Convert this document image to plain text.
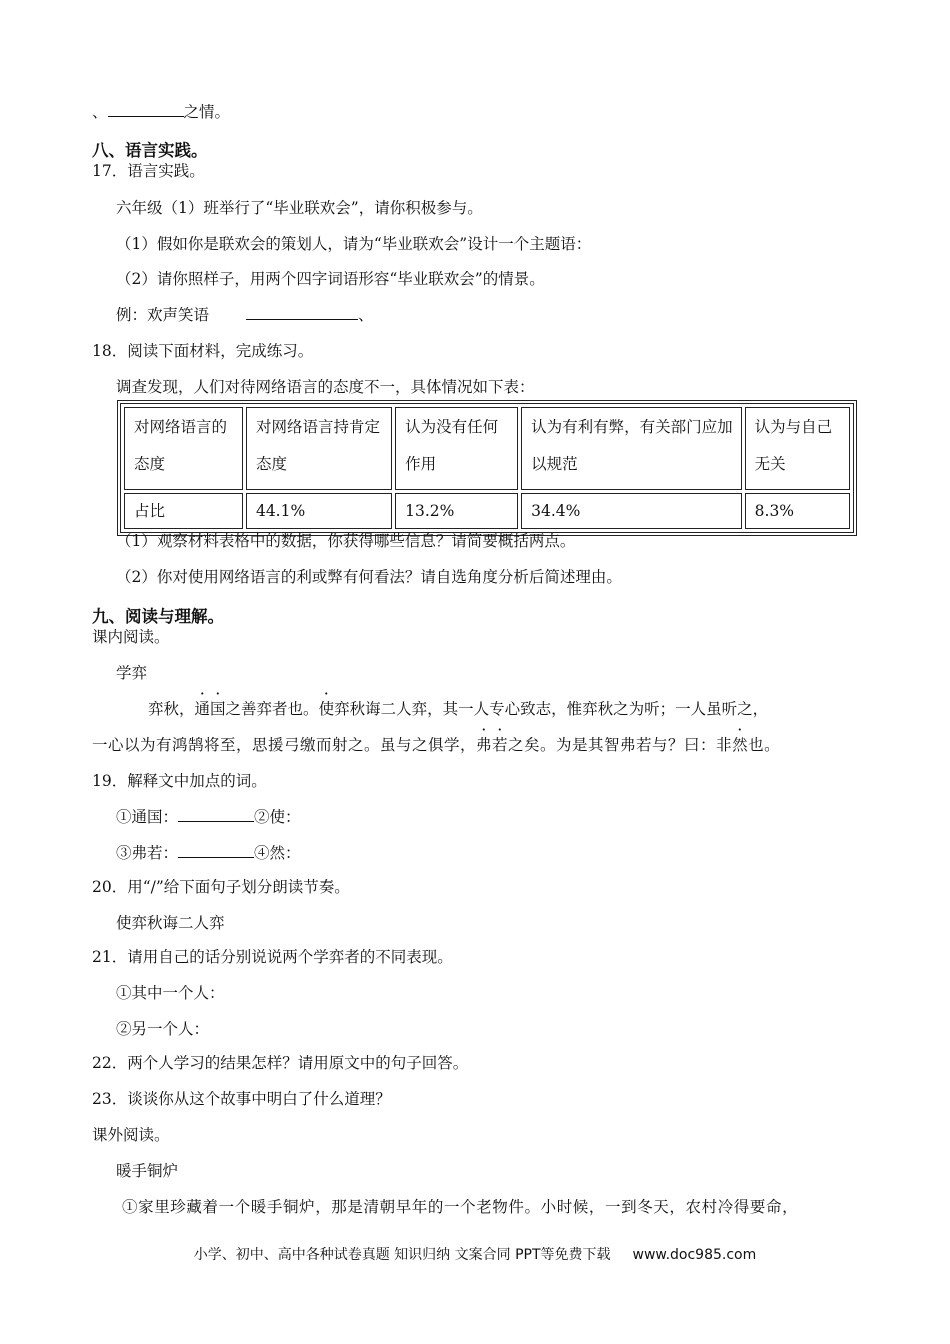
、	之情。
八、语言实践。
17．语言实践。
六年级（1）班举行了“毕业联欢会”，请你积极参与。
（1）假如你是联欢会的策划人，请为“毕业联欢会”设计一个主题语：
（2）请你照样子，用两个四字词语形容“毕业联欢会”的情景。
例：欢声笑语	、
18．阅读下面材料，完成练习。
调查发现，人们对待网络语言的态度不一，具体情况如下表：
对网络语言的态度	对网络语言持肯定态度	认为没有任何作用	认为有利有弊，有关部门应加以规范	认为与自己无关
占比	44.1%	13.2%	34.4%	8.3%
（1）观察材料表格中的数据，你获得哪些信息？请简要概括两点。
（2）你对使用网络语言的利或弊有何看法？请自选角度分析后简述理由。
九、阅读与理解。
课内阅读。
学弈
弈秋，通国之善弈者也。使弈秋诲二人弈，其一人专心致志，惟弈秋之为听；一人虽听之，
一心以为有鸿鹄将至，思援弓缴而射之。虽与之俱学，弗若之矣。为是其智弗若与？曰：非然也。
19．解释文中加点的词。
①通国：	②使：
③弗若：	④然：
20．用“/”给下面句子划分朗读节奏。
使弈秋诲二人弈
21．请用自己的话分别说说两个学弈者的不同表现。
①其中一个人：
②另一个人：
22．两个人学习的结果怎样？请用原文中的句子回答。
23．谈谈你从这个故事中明白了什么道理？
课外阅读。
暖手铜炉
①家里珍藏着一个暖手铜炉，那是清朝早年的一个老物件。小时候，一到冬天，农村冷得要命，
小学、初中、高中各种试卷真题 知识归纳 文案合同 PPT等免费下载 www.doc985.com
